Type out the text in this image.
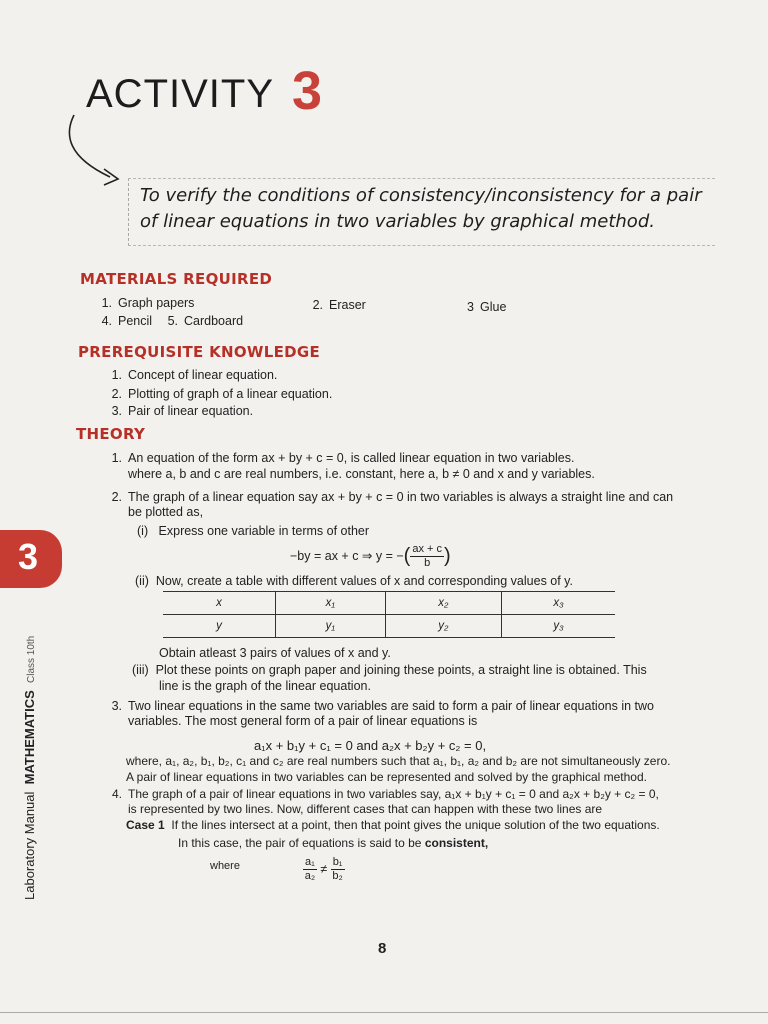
ACTIVITY 3
To verify the conditions of consistency/inconsistency for a pair of linear equations in two variables by graphical method.
MATERIALS REQUIRED
1. Graph papers	2. Eraser	3 Glue
4. Pencil 5. Cardboard
PREREQUISITE KNOWLEDGE
1. Concept of linear equation.
2. Plotting of graph of a linear equation.
3. Pair of linear equation.
THEORY
1. An equation of the form ax + by + c = 0, is called linear equation in two variables.
where a, b and c are real numbers, i.e. constant, here a, b ≠ 0 and x and y variables.
2. The graph of a linear equation say ax + by + c = 0 in two variables is always a straight line and can
be plotted as,
(i) Express one variable in terms of other
−by = ax + c ⇒ y = −( $\frac{ax + c}{b}$ )
(ii) Now, create a table with different values of x and corresponding values of y.
x	x₁	x₂	x₃
y	y₁	y₂	y₃
Obtain atleast 3 pairs of values of x and y.
(iii) Plot these points on graph paper and joining these points, a straight line is obtained. This
line is the graph of the linear equation.
3. Two linear equations in the same two variables are said to form a pair of linear equations in two
variables. The most general form of a pair of linear equations is
a₁x + b₁y + c₁ = 0 and a₂x + b₂y + c₂ = 0,
where, a₁, a₂, b₁, b₂, c₁ and c₂ are real numbers such that a₁, b₁, a₂ and b₂ are not simultaneously zero.
A pair of linear equations in two variables can be represented and solved by the graphical method.
4. The graph of a pair of linear equations in two variables say, a₁x + b₁y + c₁ = 0 and a₂x + b₂y + c₂ = 0,
is represented by two lines. Now, different cases that can happen with these two lines are
Case 1 If the lines intersect at a point, then that point gives the unique solution of the two equations.
In this case, the pair of equations is said to be consistent,
where	$\frac{\text{a₁}}{\text{a₂}} \ne \frac{\text{b₁}}{\text{b₂}}$
3
Laboratory Manual  MATHEMATICS  Class 10th
8
